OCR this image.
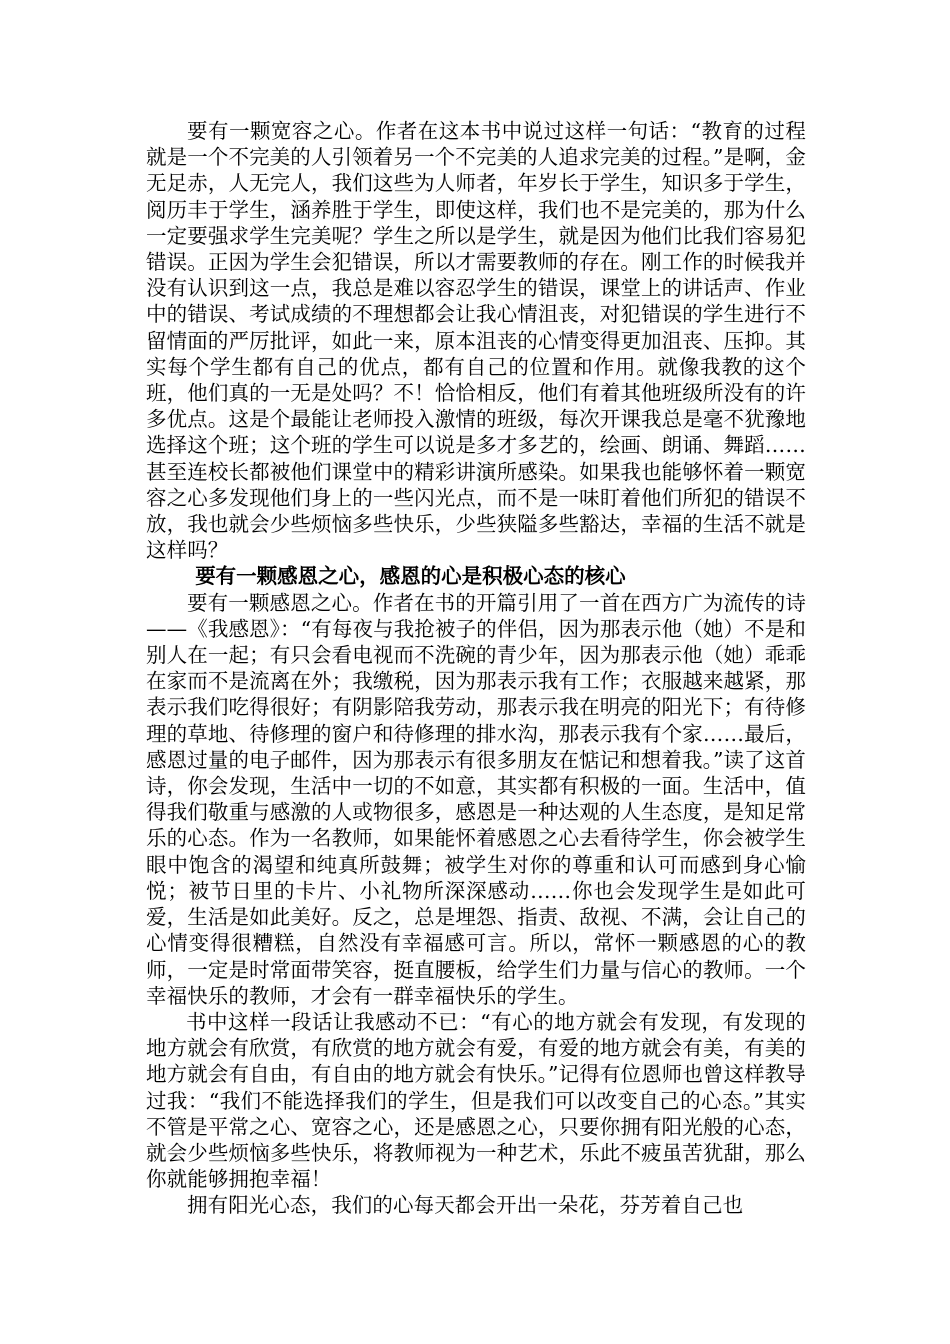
要有一颗宽容之心。作者在这本书中说过这样一句话：“教育的过程就是一个不完美的人引领着另一个不完美的人追求完美的过程。”是啊，金无足赤，人无完人，我们这些为人师者，年岁长于学生，知识多于学生，阅历丰于学生，涵养胜于学生，即使这样，我们也不是完美的，那为什么一定要强求学生完美呢？学生之所以是学生，就是因为他们比我们容易犯错误。正因为学生会犯错误，所以才需要教师的存在。刚工作的时候我并没有认识到这一点，我总是难以容忍学生的错误，课堂上的讲话声、作业中的错误、考试成绩的不理想都会让我心情沮丧，对犯错误的学生进行不留情面的严厉批评，如此一来，原本沮丧的心情变得更加沮丧、压抑。其实每个学生都有自己的优点，都有自己的位置和作用。就像我教的这个班，他们真的一无是处吗？不！恰恰相反，他们有着其他班级所没有的许多优点。这是个最能让老师投入激情的班级，每次开课我总是毫不犹豫地选择这个班；这个班的学生可以说是多才多艺的，绘画、朗诵、舞蹈……甚至连校长都被他们课堂中的精彩讲演所感染。如果我也能够怀着一颗宽容之心多发现他们身上的一些闪光点，而不是一味盯着他们所犯的错误不放，我也就会少些烦恼多些快乐，少些狭隘多些豁达，幸福的生活不就是这样吗？

要有一颗感恩之心，感恩的心是积极心态的核心

要有一颗感恩之心。作者在书的开篇引用了一首在西方广为流传的诗——《我感恩》：“有每夜与我抢被子的伴侣，因为那表示他（她）不是和别人在一起；有只会看电视而不洗碗的青少年，因为那表示他（她）乖乖在家而不是流离在外；我缴税，因为那表示我有工作；衣服越来越紧，那表示我们吃得很好；有阴影陪我劳动，那表示我在明亮的阳光下；有待修理的草地、待修理的窗户和待修理的排水沟，那表示我有个家……最后，感恩过量的电子邮件，因为那表示有很多朋友在惦记和想着我。”读了这首诗，你会发现，生活中一切的不如意，其实都有积极的一面。生活中，值得我们敬重与感激的人或物很多，感恩是一种达观的人生态度，是知足常乐的心态。作为一名教师，如果能怀着感恩之心去看待学生，你会被学生眼中饱含的渴望和纯真所鼓舞；被学生对你的尊重和认可而感到身心愉悦；被节日里的卡片、小礼物所深深感动……你也会发现学生是如此可爱，生活是如此美好。反之，总是埋怨、指责、敌视、不满，会让自己的心情变得很糟糕，自然没有幸福感可言。所以，常怀一颗感恩的心的教师，一定是时常面带笑容，挺直腰板，给学生们力量与信心的教师。一个幸福快乐的教师，才会有一群幸福快乐的学生。

书中这样一段话让我感动不已：“有心的地方就会有发现，有发现的地方就会有欣赏，有欣赏的地方就会有爱，有爱的地方就会有美，有美的地方就会有自由，有自由的地方就会有快乐。”记得有位恩师也曾这样教导过我：“我们不能选择我们的学生，但是我们可以改变自己的心态。”其实不管是平常之心、宽容之心，还是感恩之心，只要你拥有阳光般的心态，就会少些烦恼多些快乐，将教师视为一种艺术，乐此不疲虽苦犹甜，那么你就能够拥抱幸福！

拥有阳光心态，我们的心每天都会开出一朵花，芬芳着自己也
